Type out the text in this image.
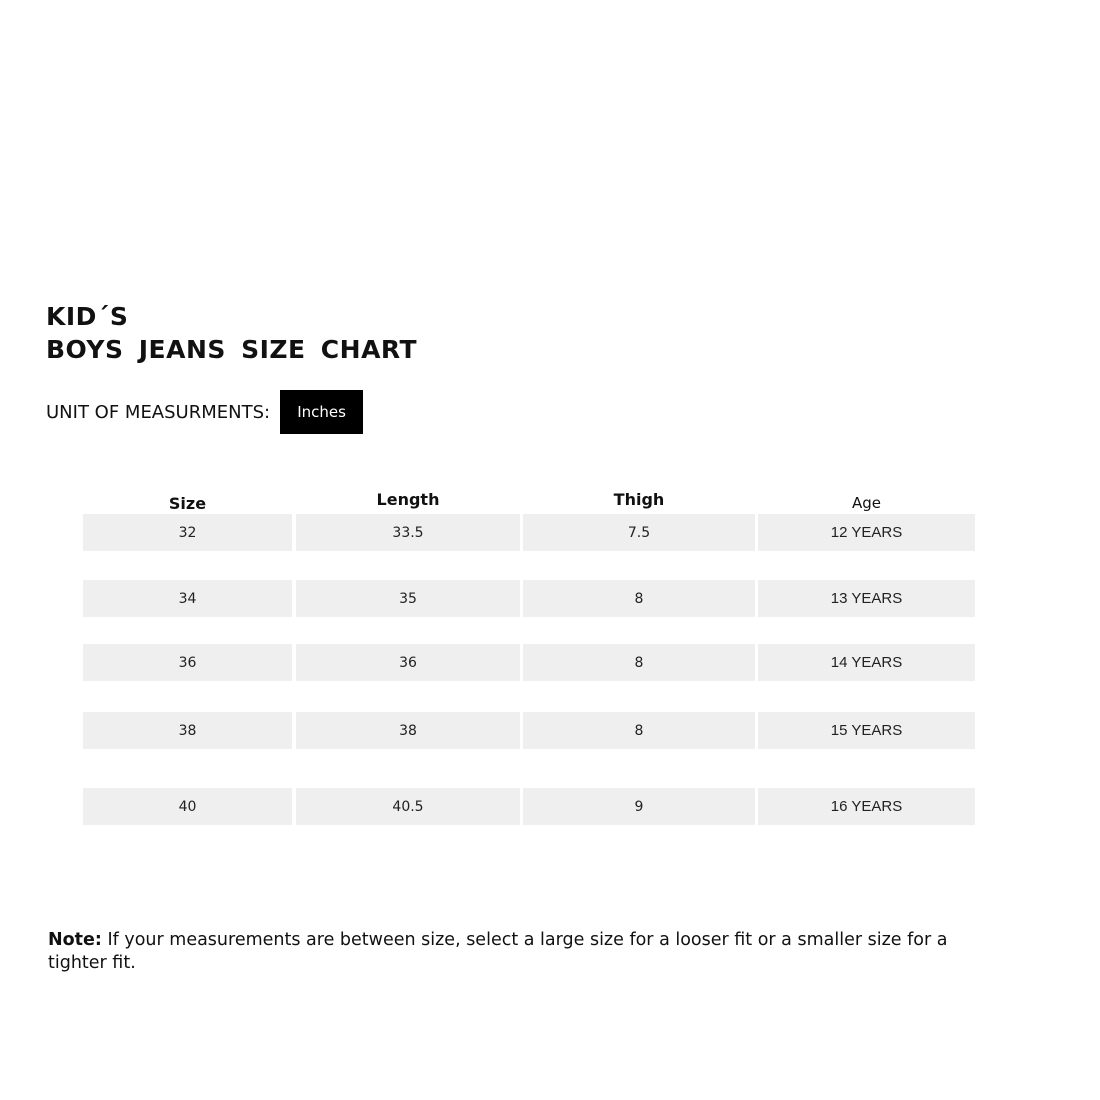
KID´S
BOYS JEANS SIZE CHART
UNIT OF MEASURMENTS:	Inches
Size	Length	Thigh	Age
32	33.5	7.5	12 YEARS
34	35	8	13 YEARS
36	36	8	14 YEARS
38	38	8	15 YEARS
40	40.5	9	16 YEARS
Note: If your measurements are between size, select a large size for a looser fit or a smaller size for a tighter fit.
